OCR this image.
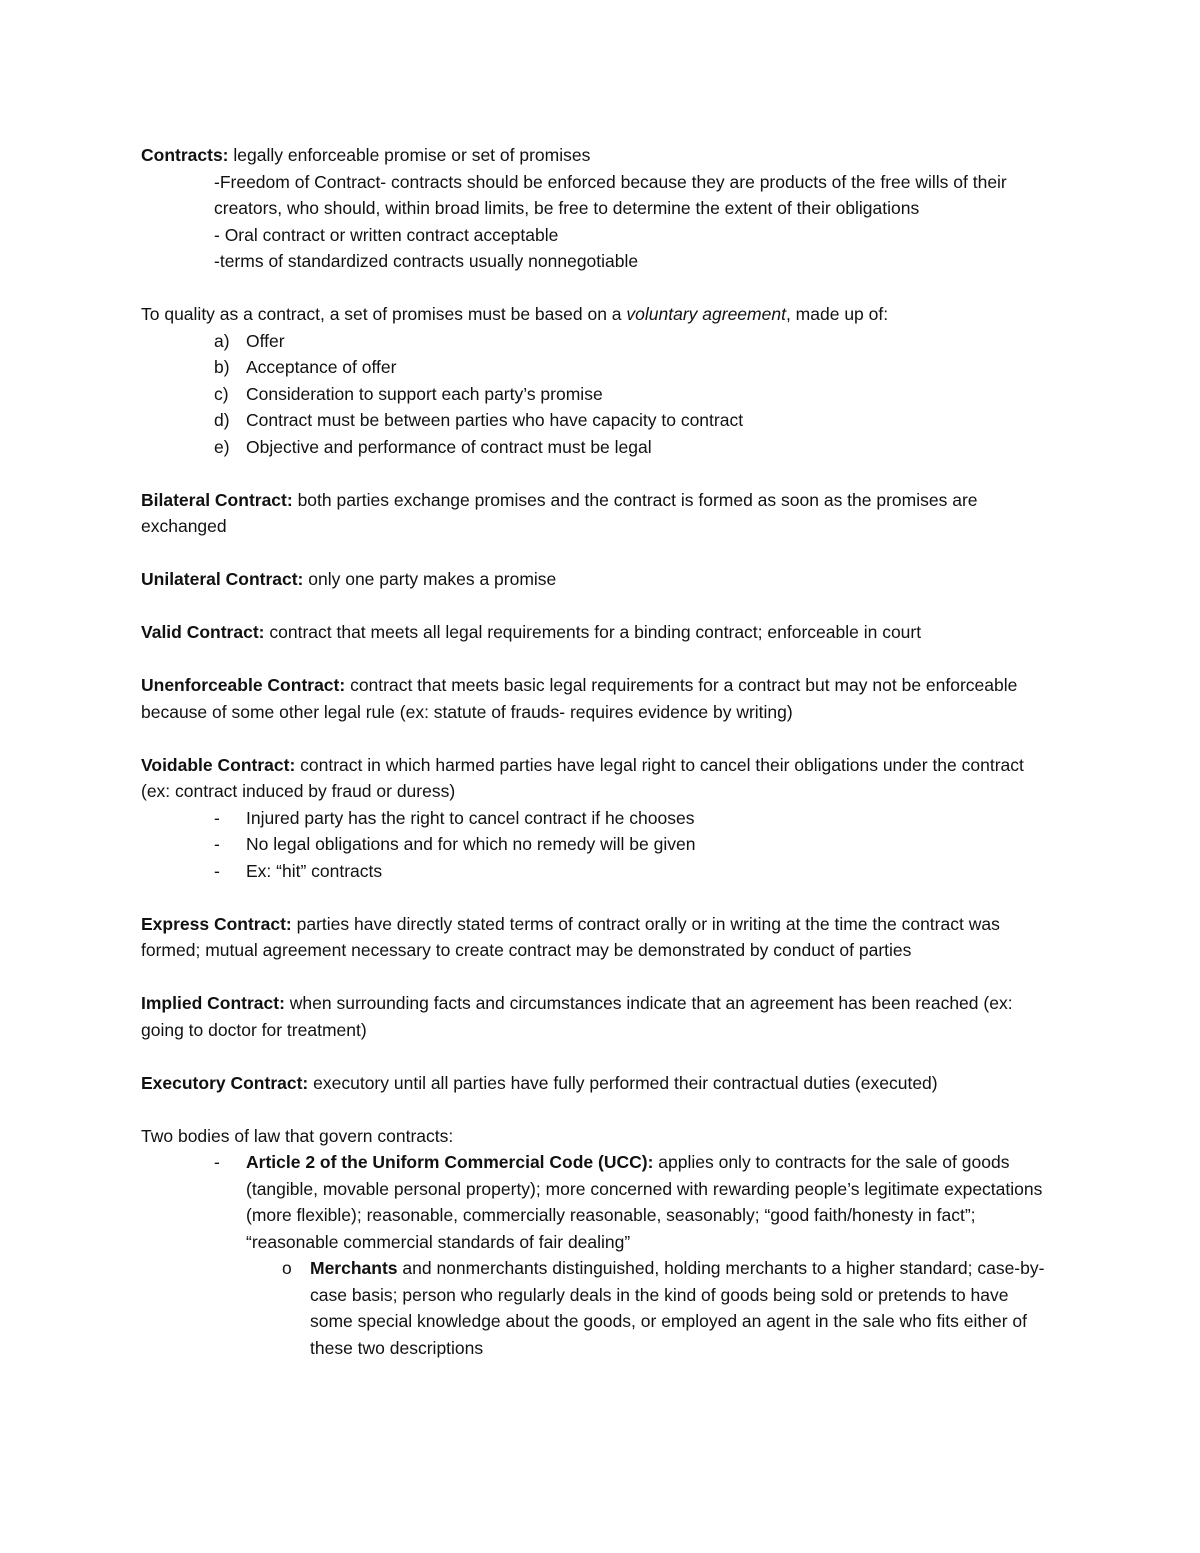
Contracts: legally enforceable promise or set of promises

-Freedom of Contract- contracts should be enforced because they are products of the free wills of their creators, who should, within broad limits, be free to determine the extent of their obligations

- Oral contract or written contract acceptable

-terms of standardized contracts usually nonnegotiable

To quality as a contract, a set of promises must be based on a voluntary agreement, made up of:

a) Offer
b) Acceptance of offer
c) Consideration to support each party’s promise
d) Contract must be between parties who have capacity to contract
e) Objective and performance of contract must be legal

Bilateral Contract: both parties exchange promises and the contract is formed as soon as the promises are exchanged

Unilateral Contract: only one party makes a promise

Valid Contract: contract that meets all legal requirements for a binding contract; enforceable in court

Unenforceable Contract: contract that meets basic legal requirements for a contract but may not be enforceable because of some other legal rule (ex: statute of frauds- requires evidence by writing)

Voidable Contract: contract in which harmed parties have legal right to cancel their obligations under the contract (ex: contract induced by fraud or duress)

-	Injured party has the right to cancel contract if he chooses
-	No legal obligations and for which no remedy will be given
-	Ex: “hit” contracts

Express Contract: parties have directly stated terms of contract orally or in writing at the time the contract was formed; mutual agreement necessary to create contract may be demonstrated by conduct of parties

Implied Contract: when surrounding facts and circumstances indicate that an agreement has been reached (ex: going to doctor for treatment)

Executory Contract: executory until all parties have fully performed their contractual duties (executed)

Two bodies of law that govern contracts:

-	Article 2 of the Uniform Commercial Code (UCC): applies only to contracts for the sale of goods (tangible, movable personal property); more concerned with rewarding people’s legitimate expectations (more flexible); reasonable, commercially reasonable, seasonably; “good faith/honesty in fact”; “reasonable commercial standards of fair dealing”
o	Merchants and nonmerchants distinguished, holding merchants to a higher standard; case-by-case basis; person who regularly deals in the kind of goods being sold or pretends to have some special knowledge about the goods, or employed an agent in the sale who fits either of these two descriptions
